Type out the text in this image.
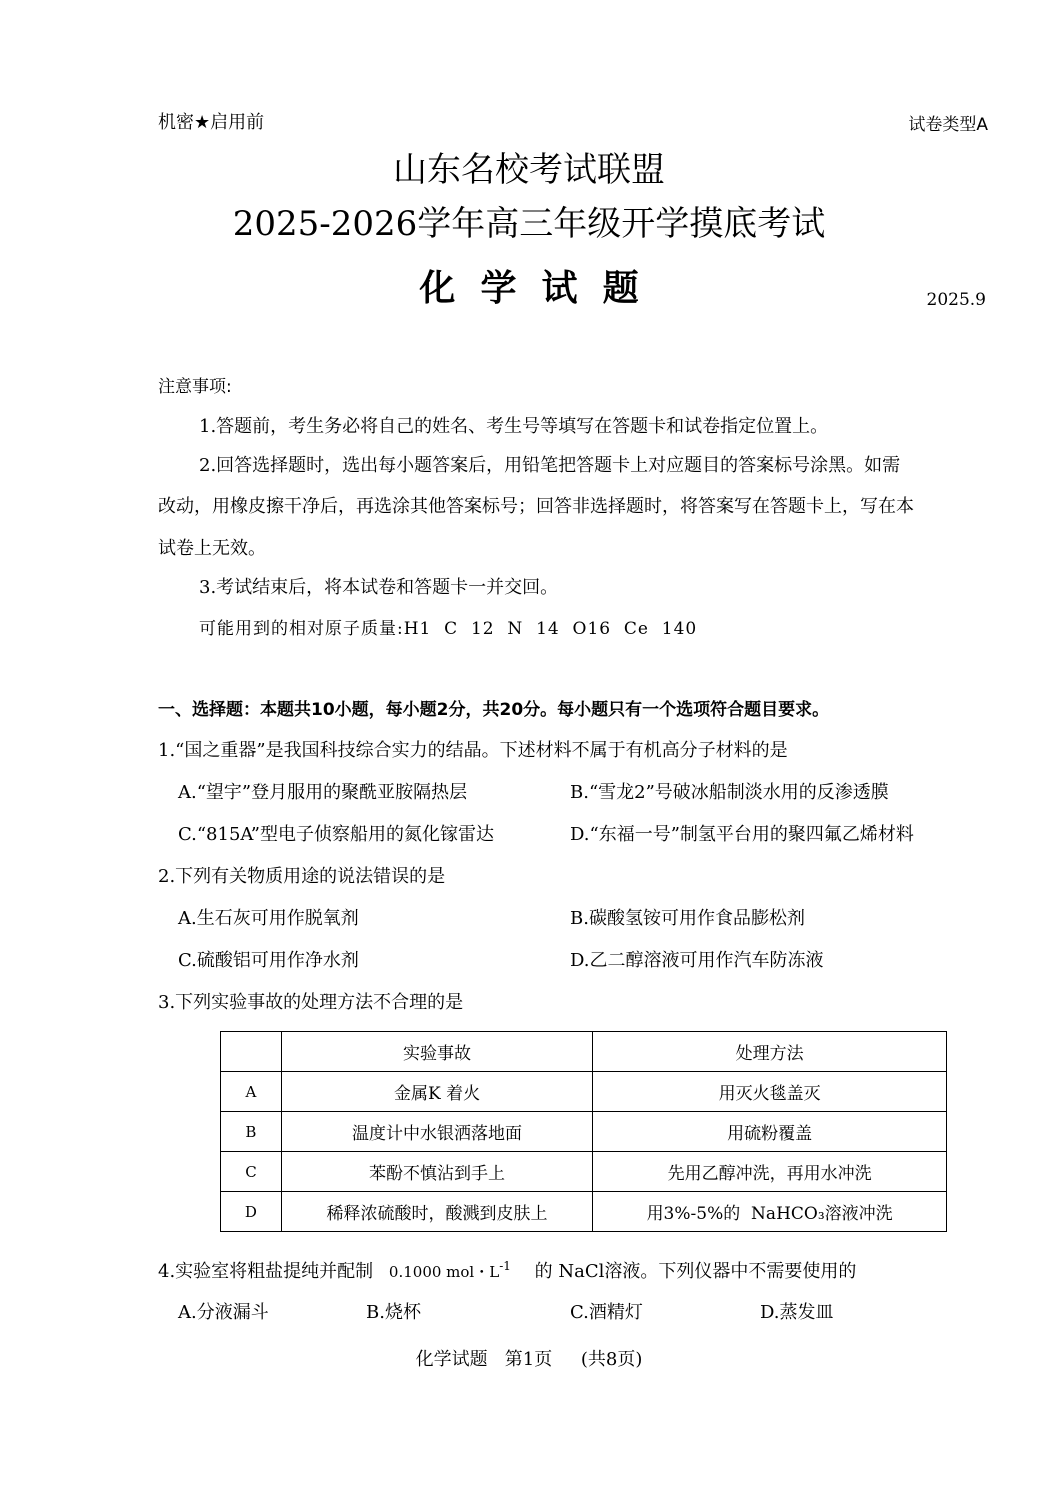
机密★启用前	试卷类型A
山东名校考试联盟
2025-2026学年高三年级开学摸底考试
化  学  试  题	2025.9
注意事项:
1.答题前，考生务必将自己的姓名、考生号等填写在答题卡和试卷指定位置上。
2.回答选择题时，选出每小题答案后，用铅笔把答题卡上对应题目的答案标号涂黑。如需
改动，用橡皮擦干净后，再选涂其他答案标号；回答非选择题时，将答案写在答题卡上，写在本
试卷上无效。
3.考试结束后，将本试卷和答题卡一并交回。
可能用到的相对原子质量:H1  C  12  N  14  O16  Ce  140
一、选择题：本题共10小题，每小题2分，共20分。每小题只有一个选项符合题目要求。
1.“国之重器”是我国科技综合实力的结晶。下述材料不属于有机高分子材料的是
A.“望宇”登月服用的聚酰亚胺隔热层	B.“雪龙2”号破冰船制淡水用的反渗透膜
C.“815A”型电子侦察船用的氮化镓雷达	D.“东福一号”制氢平台用的聚四氟乙烯材料
2.下列有关物质用途的说法错误的是
A.生石灰可用作脱氧剂	B.碳酸氢铵可用作食品膨松剂
C.硫酸铝可用作净水剂	D.乙二醇溶液可用作汽车防冻液
3.下列实验事故的处理方法不合理的是
	实验事故	处理方法
A	金属K 着火	用灭火毯盖灭
B	温度计中水银洒落地面	用硫粉覆盖
C	苯酚不慎沾到手上	先用乙醇冲洗，再用水冲洗
D	稀释浓硫酸时，酸溅到皮肤上	用3%-5%的  NaHCO₃溶液冲洗
4.实验室将粗盐提纯并配制 0.1000 mol・$L^{-1}$ 的 NaCl溶液。下列仪器中不需要使用的
A.分液漏斗	B.烧杯	C.酒精灯	D.蒸发皿
化学试题   第1页     (共8页)
